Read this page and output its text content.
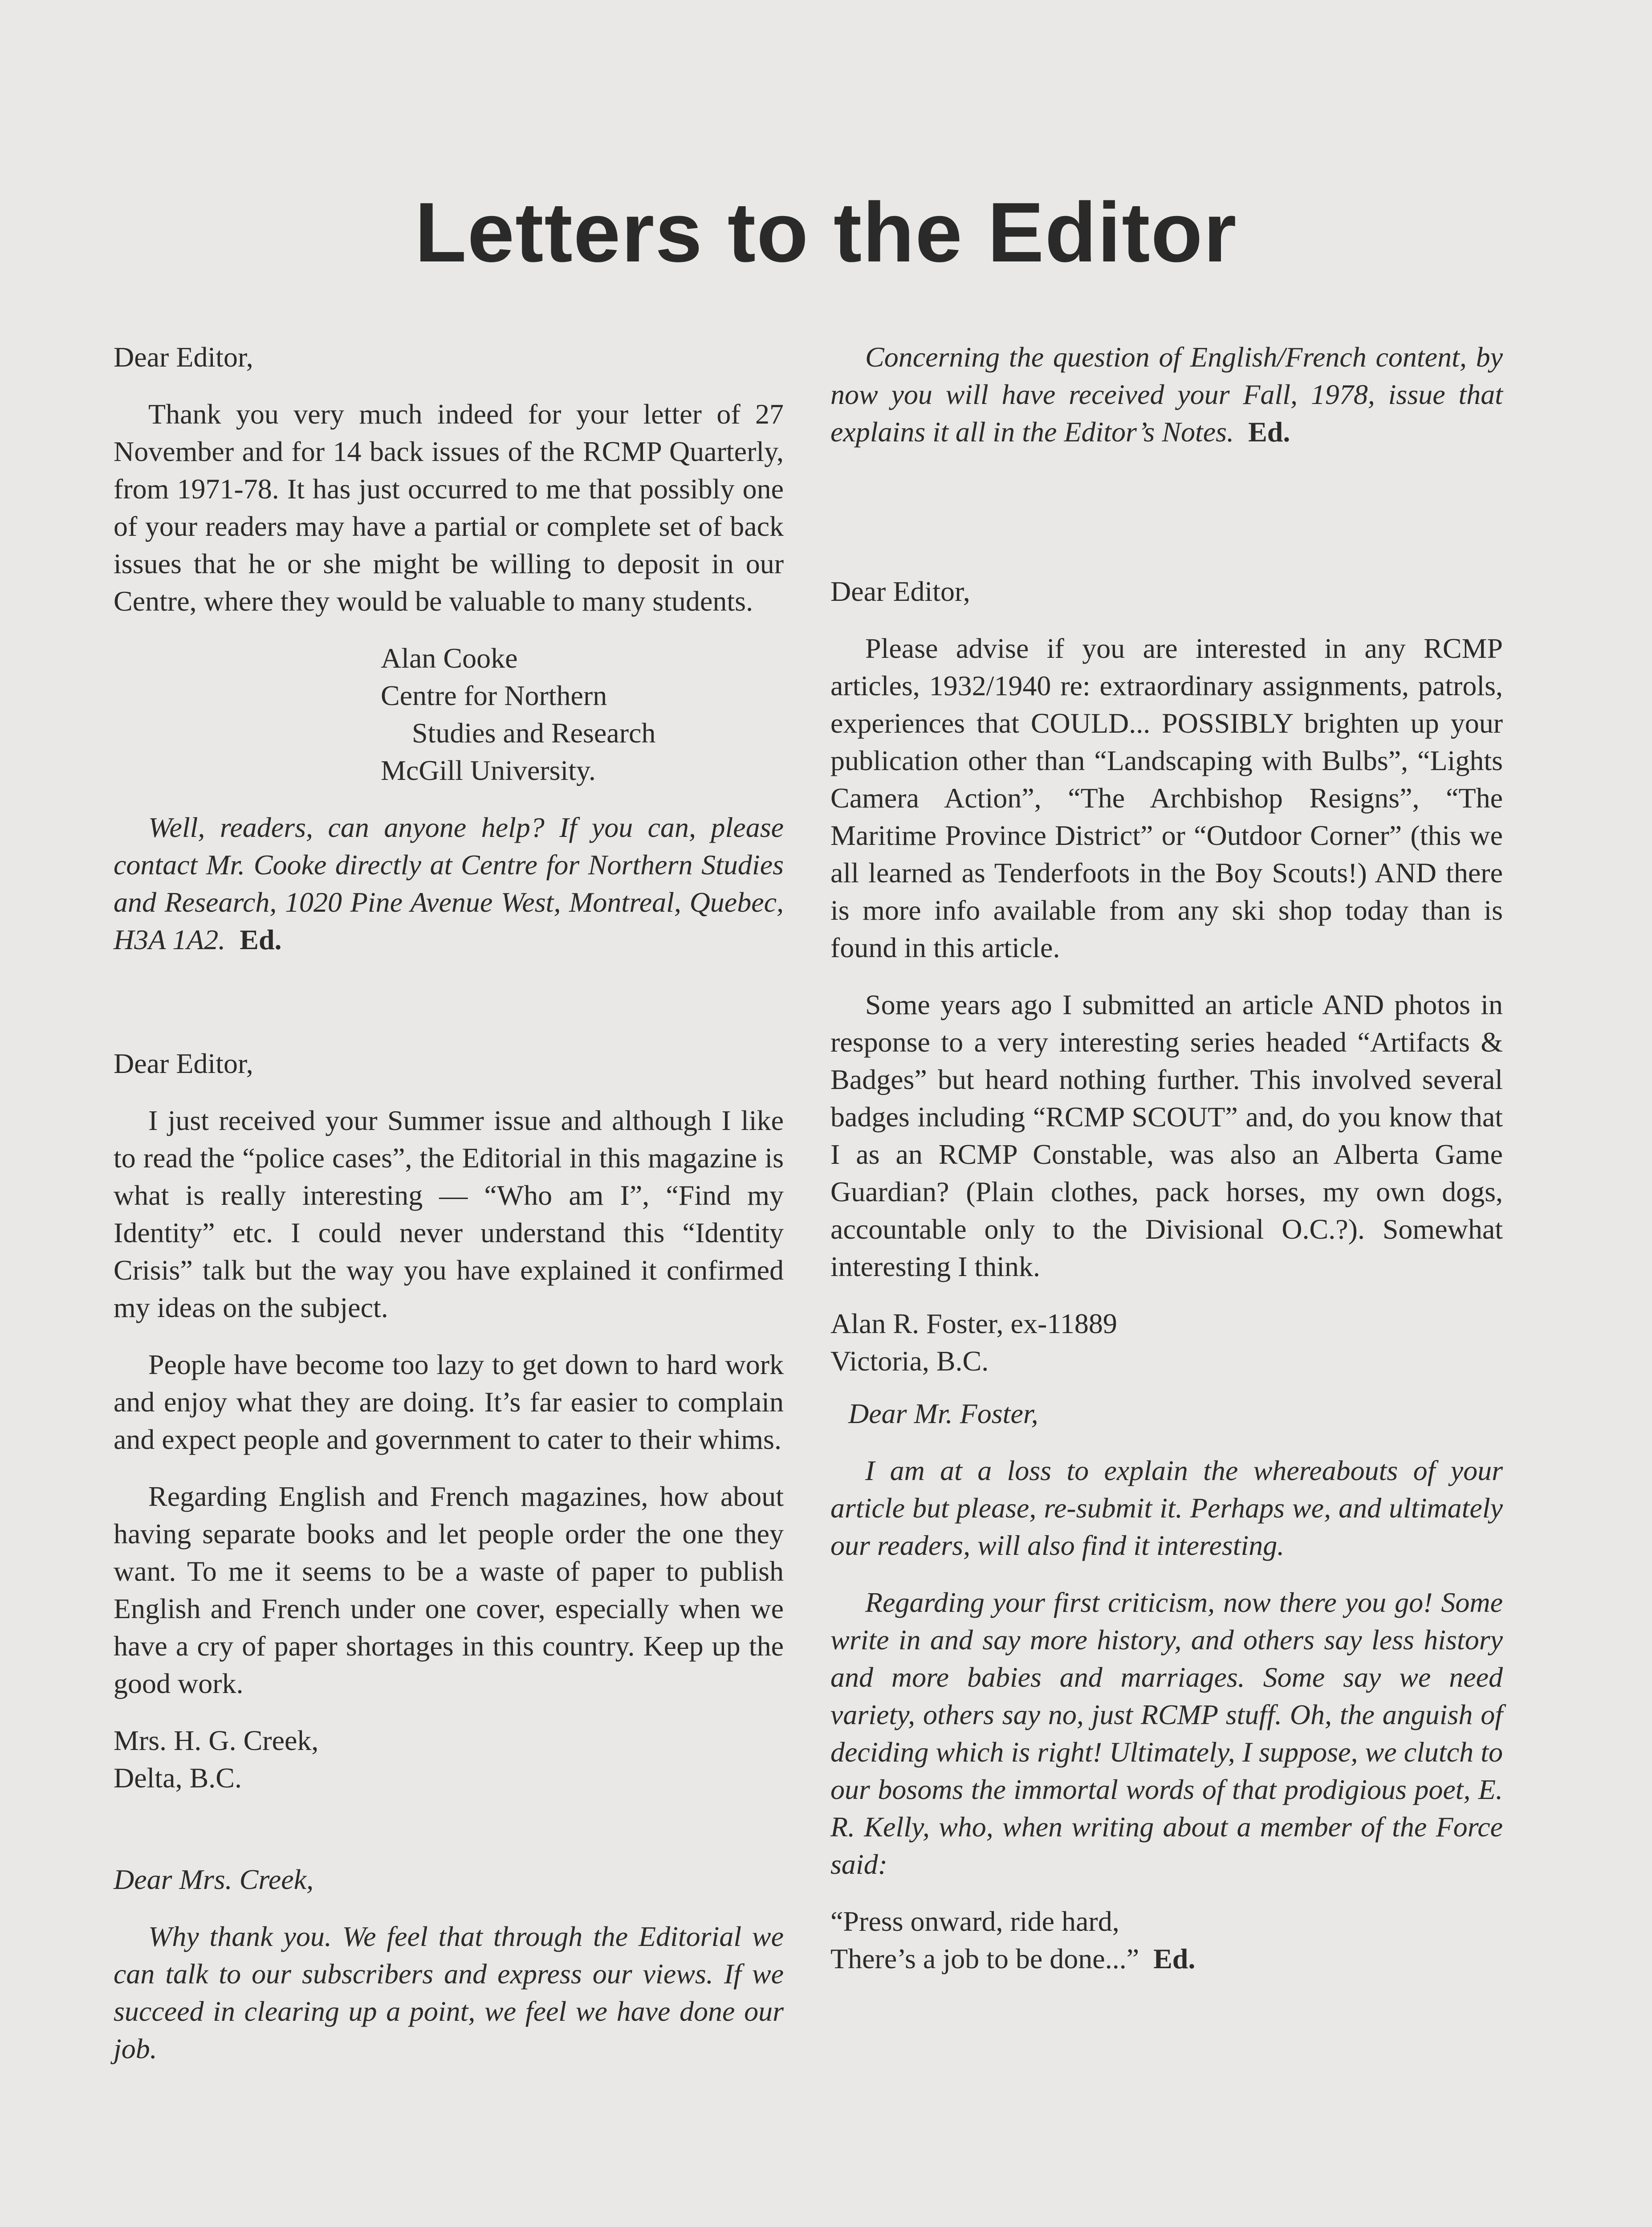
Letters to the Editor

Dear Editor,

Thank you very much indeed for your letter of 27 November and for 14 back issues of the RCMP Quarterly, from 1971-78. It has just occurred to me that possibly one of your readers may have a partial or complete set of back issues that he or she might be willing to deposit in our Centre, where they would be valuable to many students.

Alan Cooke
Centre for Northern
Studies and Research
McGill University.

Well, readers, can anyone help? If you can, please contact Mr. Cooke directly at Centre for Northern Studies and Research, 1020 Pine Avenue West, Montreal, Quebec, H3A 1A2. Ed.

Dear Editor,

I just received your Summer issue and although I like to read the “police cases”, the Editorial in this magazine is what is really interesting — “Who am I”, “Find my Identity” etc. I could never understand this “Identity Crisis” talk but the way you have explained it confirmed my ideas on the subject.

People have become too lazy to get down to hard work and enjoy what they are doing. It’s far easier to complain and expect people and government to cater to their whims.

Regarding English and French magazines, how about having separate books and let people order the one they want. To me it seems to be a waste of paper to publish English and French under one cover, especially when we have a cry of paper shortages in this country. Keep up the good work.

Mrs. H. G. Creek,
Delta, B.C.

Dear Mrs. Creek,

Why thank you. We feel that through the Editorial we can talk to our subscribers and express our views. If we succeed in clearing up a point, we feel we have done our job.

Concerning the question of English/French content, by now you will have received your Fall, 1978, issue that explains it all in the Editor’s Notes. Ed.

Dear Editor,

Please advise if you are interested in any RCMP articles, 1932/1940 re: extraordinary assignments, patrols, experiences that COULD... POSSIBLY brighten up your publication other than “Landscaping with Bulbs”, “Lights Camera Action”, “The Archbishop Resigns”, “The Maritime Province District” or “Outdoor Corner” (this we all learned as Tenderfoots in the Boy Scouts!) AND there is more info available from any ski shop today than is found in this article.

Some years ago I submitted an article AND photos in response to a very interesting series headed “Artifacts & Badges” but heard nothing further. This involved several badges including “RCMP SCOUT” and, do you know that I as an RCMP Constable, was also an Alberta Game Guardian? (Plain clothes, pack horses, my own dogs, accountable only to the Divisional O.C.?). Somewhat interesting I think.

Alan R. Foster, ex-11889
Victoria, B.C.

Dear Mr. Foster,

I am at a loss to explain the whereabouts of your article but please, re-submit it. Perhaps we, and ultimately our readers, will also find it interesting.

Regarding your first criticism, now there you go! Some write in and say more history, and others say less history and more babies and marriages. Some say we need variety, others say no, just RCMP stuff. Oh, the anguish of deciding which is right! Ultimately, I suppose, we clutch to our bosoms the immortal words of that prodigious poet, E. R. Kelly, who, when writing about a member of the Force said:

“Press onward, ride hard,
There’s a job to be done...” Ed.
